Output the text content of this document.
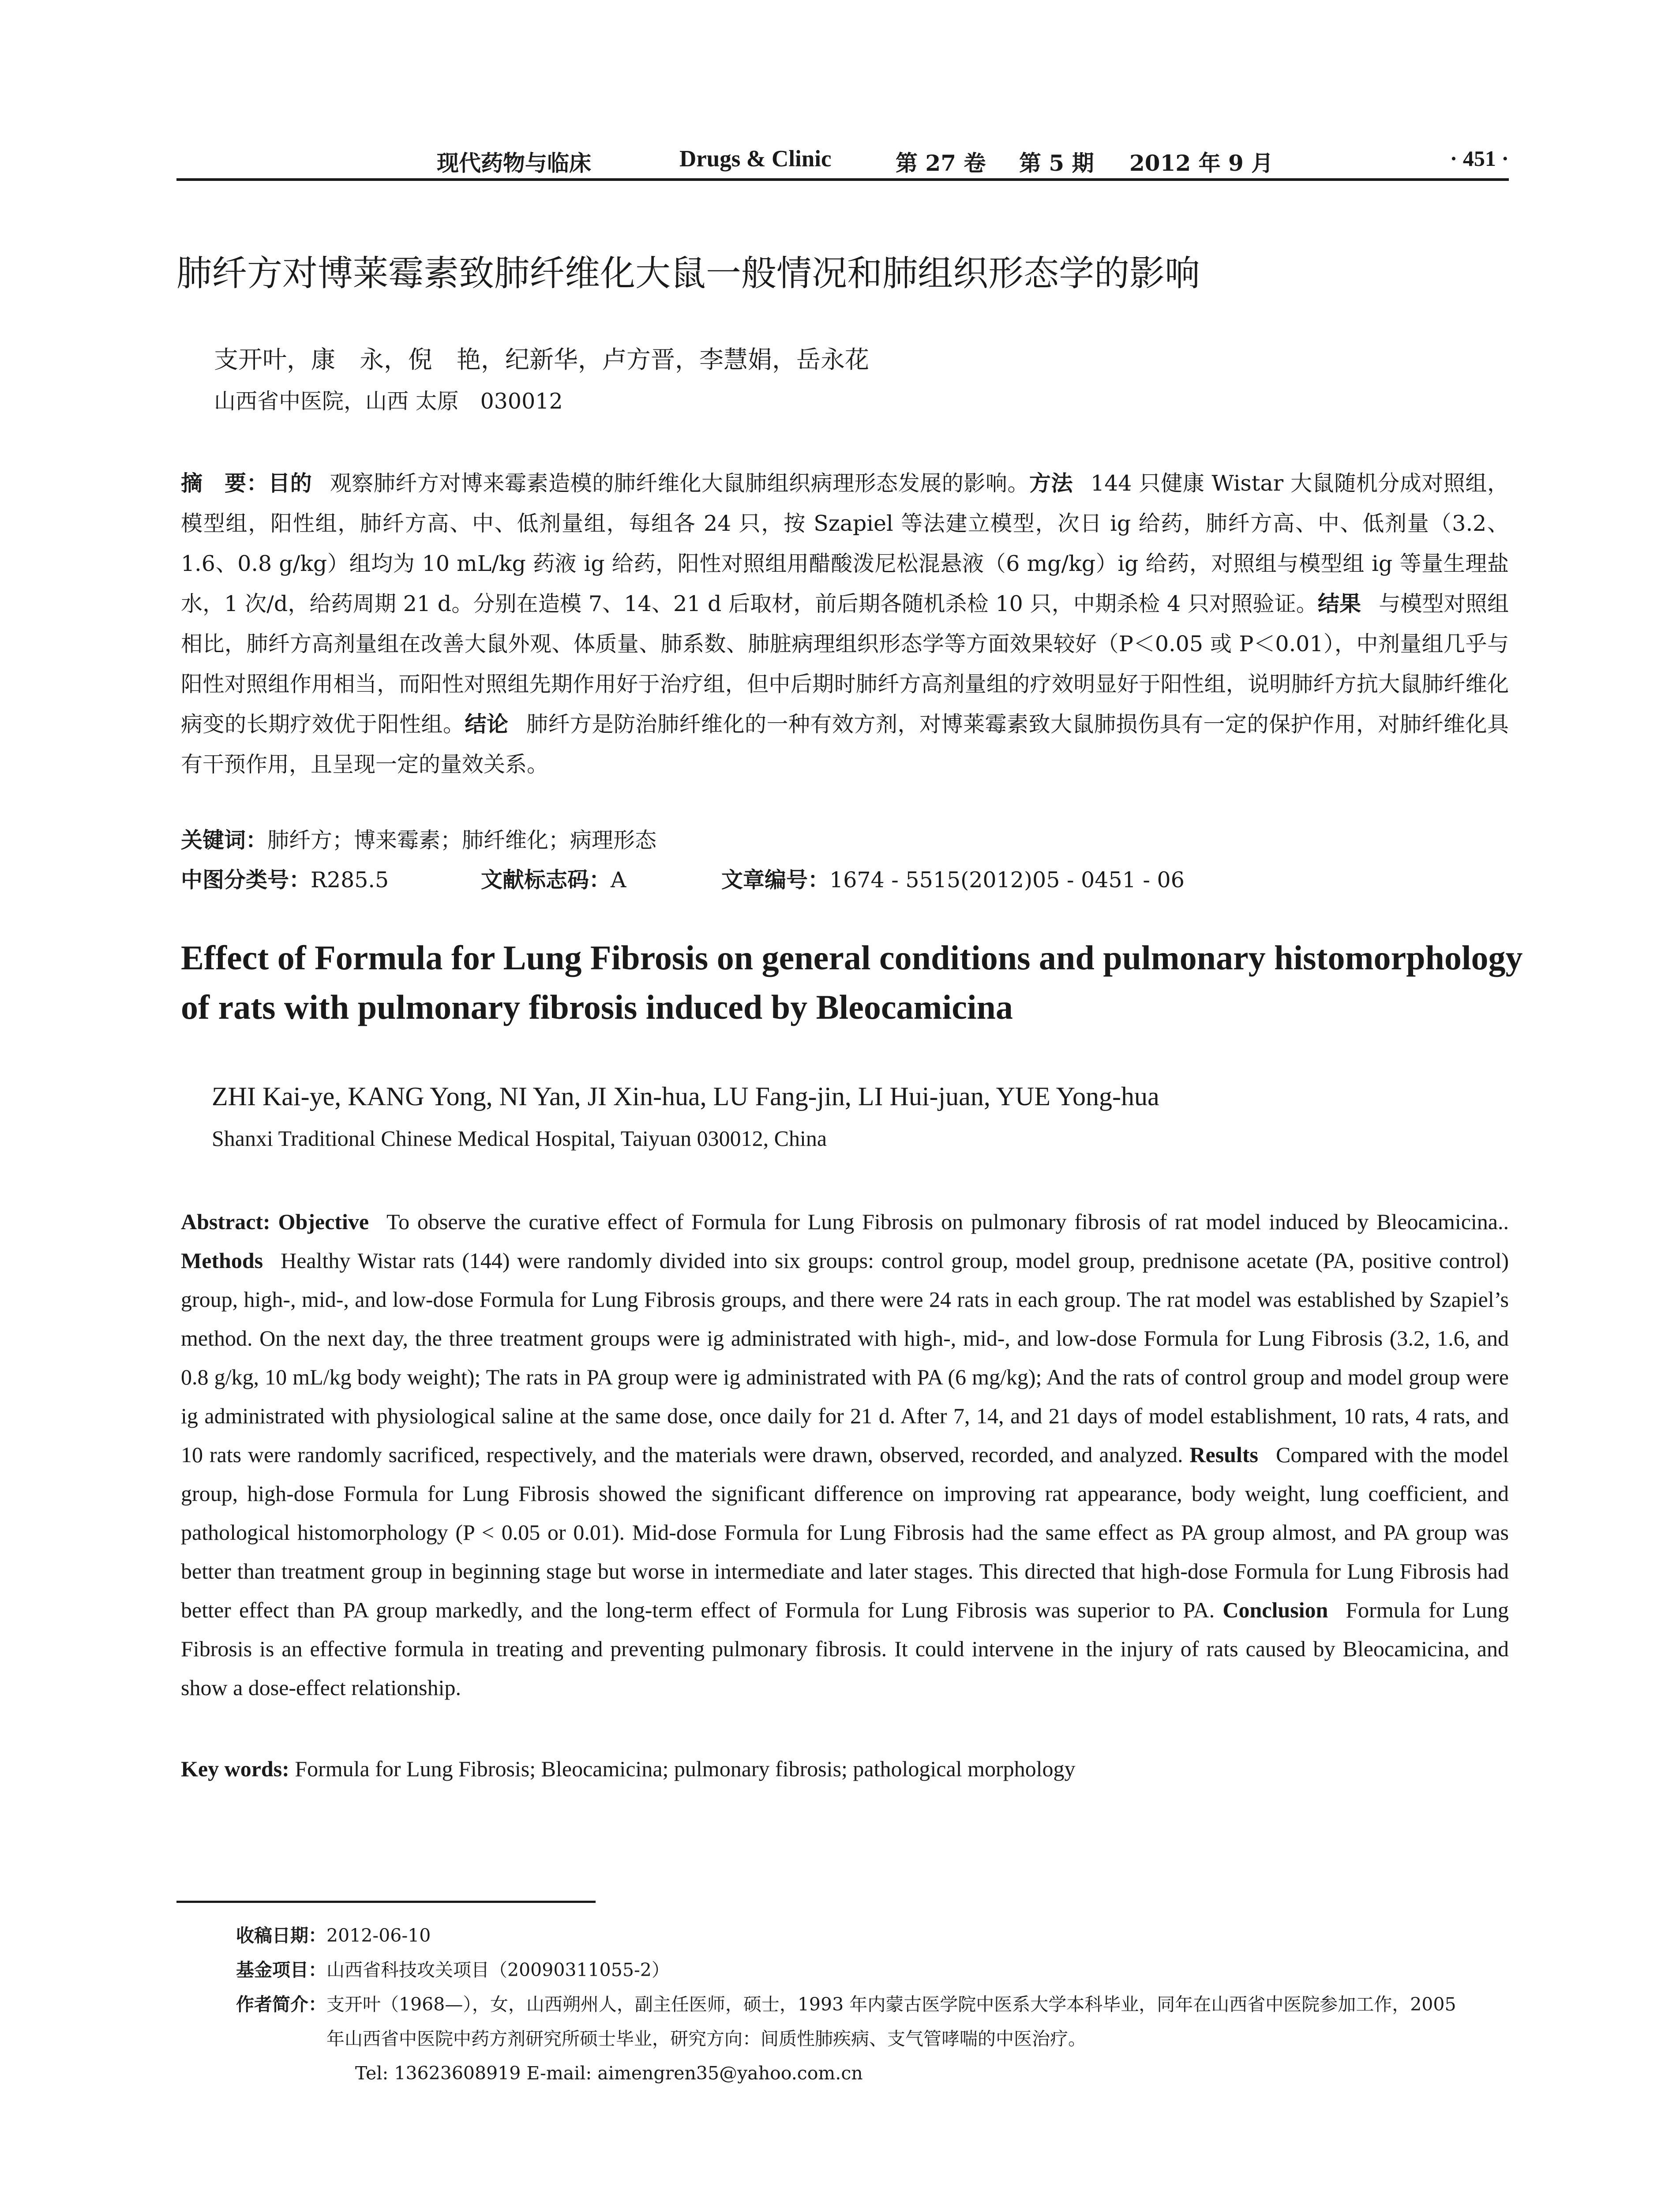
现代药物与临床	Drugs & Clinic	第 27 卷 第 5 期 2012 年 9 月	· 451 ·
肺纤方对博莱霉素致肺纤维化大鼠一般情况和肺组织形态学的影响
支开叶，康　永，倪　艳，纪新华，卢方晋，李慧娟，岳永花
山西省中医院，山西 太原　030012
摘　要：目的 观察肺纤方对博来霉素造模的肺纤维化大鼠肺组织病理形态发展的影响。方法 144 只健康 Wistar 大鼠随机分成对照组，模型组，阳性组，肺纤方高、中、低剂量组，每组各 24 只，按 Szapiel 等法建立模型，次日 ig 给药，肺纤方高、中、低剂量（3.2、1.6、0.8 g/kg）组均为 10 mL/kg 药液 ig 给药，阳性对照组用醋酸泼尼松混悬液（6 mg/kg）ig 给药，对照组与模型组 ig 等量生理盐水，1 次/d，给药周期 21 d。分别在造模 7、14、21 d 后取材，前后期各随机杀检 10 只，中期杀检 4 只对照验证。结果 与模型对照组相比，肺纤方高剂量组在改善大鼠外观、体质量、肺系数、肺脏病理组织形态学等方面效果较好（P＜0.05 或 P＜0.01），中剂量组几乎与阳性对照组作用相当，而阳性对照组先期作用好于治疗组，但中后期时肺纤方高剂量组的疗效明显好于阳性组，说明肺纤方抗大鼠肺纤维化病变的长期疗效优于阳性组。结论 肺纤方是防治肺纤维化的一种有效方剂，对博莱霉素致大鼠肺损伤具有一定的保护作用，对肺纤维化具有干预作用，且呈现一定的量效关系。
关键词：肺纤方；博来霉素；肺纤维化；病理形态
中图分类号：R285.5	文献标志码：A	文章编号：1674 - 5515(2012)05 - 0451 - 06
Effect of Formula for Lung Fibrosis on general conditions and pulmonary histomorphology of rats with pulmonary fibrosis induced by Bleocamicina
ZHI Kai-ye, KANG Yong, NI Yan, JI Xin-hua, LU Fang-jin, LI Hui-juan, YUE Yong-hua
Shanxi Traditional Chinese Medical Hospital, Taiyuan 030012, China
Abstract: Objective To observe the curative effect of Formula for Lung Fibrosis on pulmonary fibrosis of rat model induced by Bleocamicina.. Methods Healthy Wistar rats (144) were randomly divided into six groups: control group, model group, prednisone acetate (PA, positive control) group, high-, mid-, and low-dose Formula for Lung Fibrosis groups, and there were 24 rats in each group. The rat model was established by Szapiel’s method. On the next day, the three treatment groups were ig administrated with high-, mid-, and low-dose Formula for Lung Fibrosis (3.2, 1.6, and 0.8 g/kg, 10 mL/kg body weight); The rats in PA group were ig administrated with PA (6 mg/kg); And the rats of control group and model group were ig administrated with physiological saline at the same dose, once daily for 21 d. After 7, 14, and 21 days of model establishment, 10 rats, 4 rats, and 10 rats were randomly sacrificed, respectively, and the materials were drawn, observed, recorded, and analyzed. Results Compared with the model group, high-dose Formula for Lung Fibrosis showed the significant difference on improving rat appearance, body weight, lung coefficient, and pathological histomorphology (P < 0.05 or 0.01). Mid-dose Formula for Lung Fibrosis had the same effect as PA group almost, and PA group was better than treatment group in beginning stage but worse in intermediate and later stages. This directed that high-dose Formula for Lung Fibrosis had better effect than PA group markedly, and the long-term effect of Formula for Lung Fibrosis was superior to PA. Conclusion Formula for Lung Fibrosis is an effective formula in treating and preventing pulmonary fibrosis. It could intervene in the injury of rats caused by Bleocamicina, and show a dose-effect relationship.
Key words: Formula for Lung Fibrosis; Bleocamicina; pulmonary fibrosis; pathological morphology
收稿日期：2012-06-10
基金项目：山西省科技攻关项目（20090311055-2）
作者简介： 支开叶（1968—），女，山西朔州人，副主任医师，硕士，1993 年内蒙古医学院中医系大学本科毕业，同年在山西省中医院参加工作，2005 年山西省中医院中药方剂研究所硕士毕业，研究方向：间质性肺疾病、支气管哮喘的中医治疗。
Tel: 13623608919 E-mail: aimengren35@yahoo.com.cn
